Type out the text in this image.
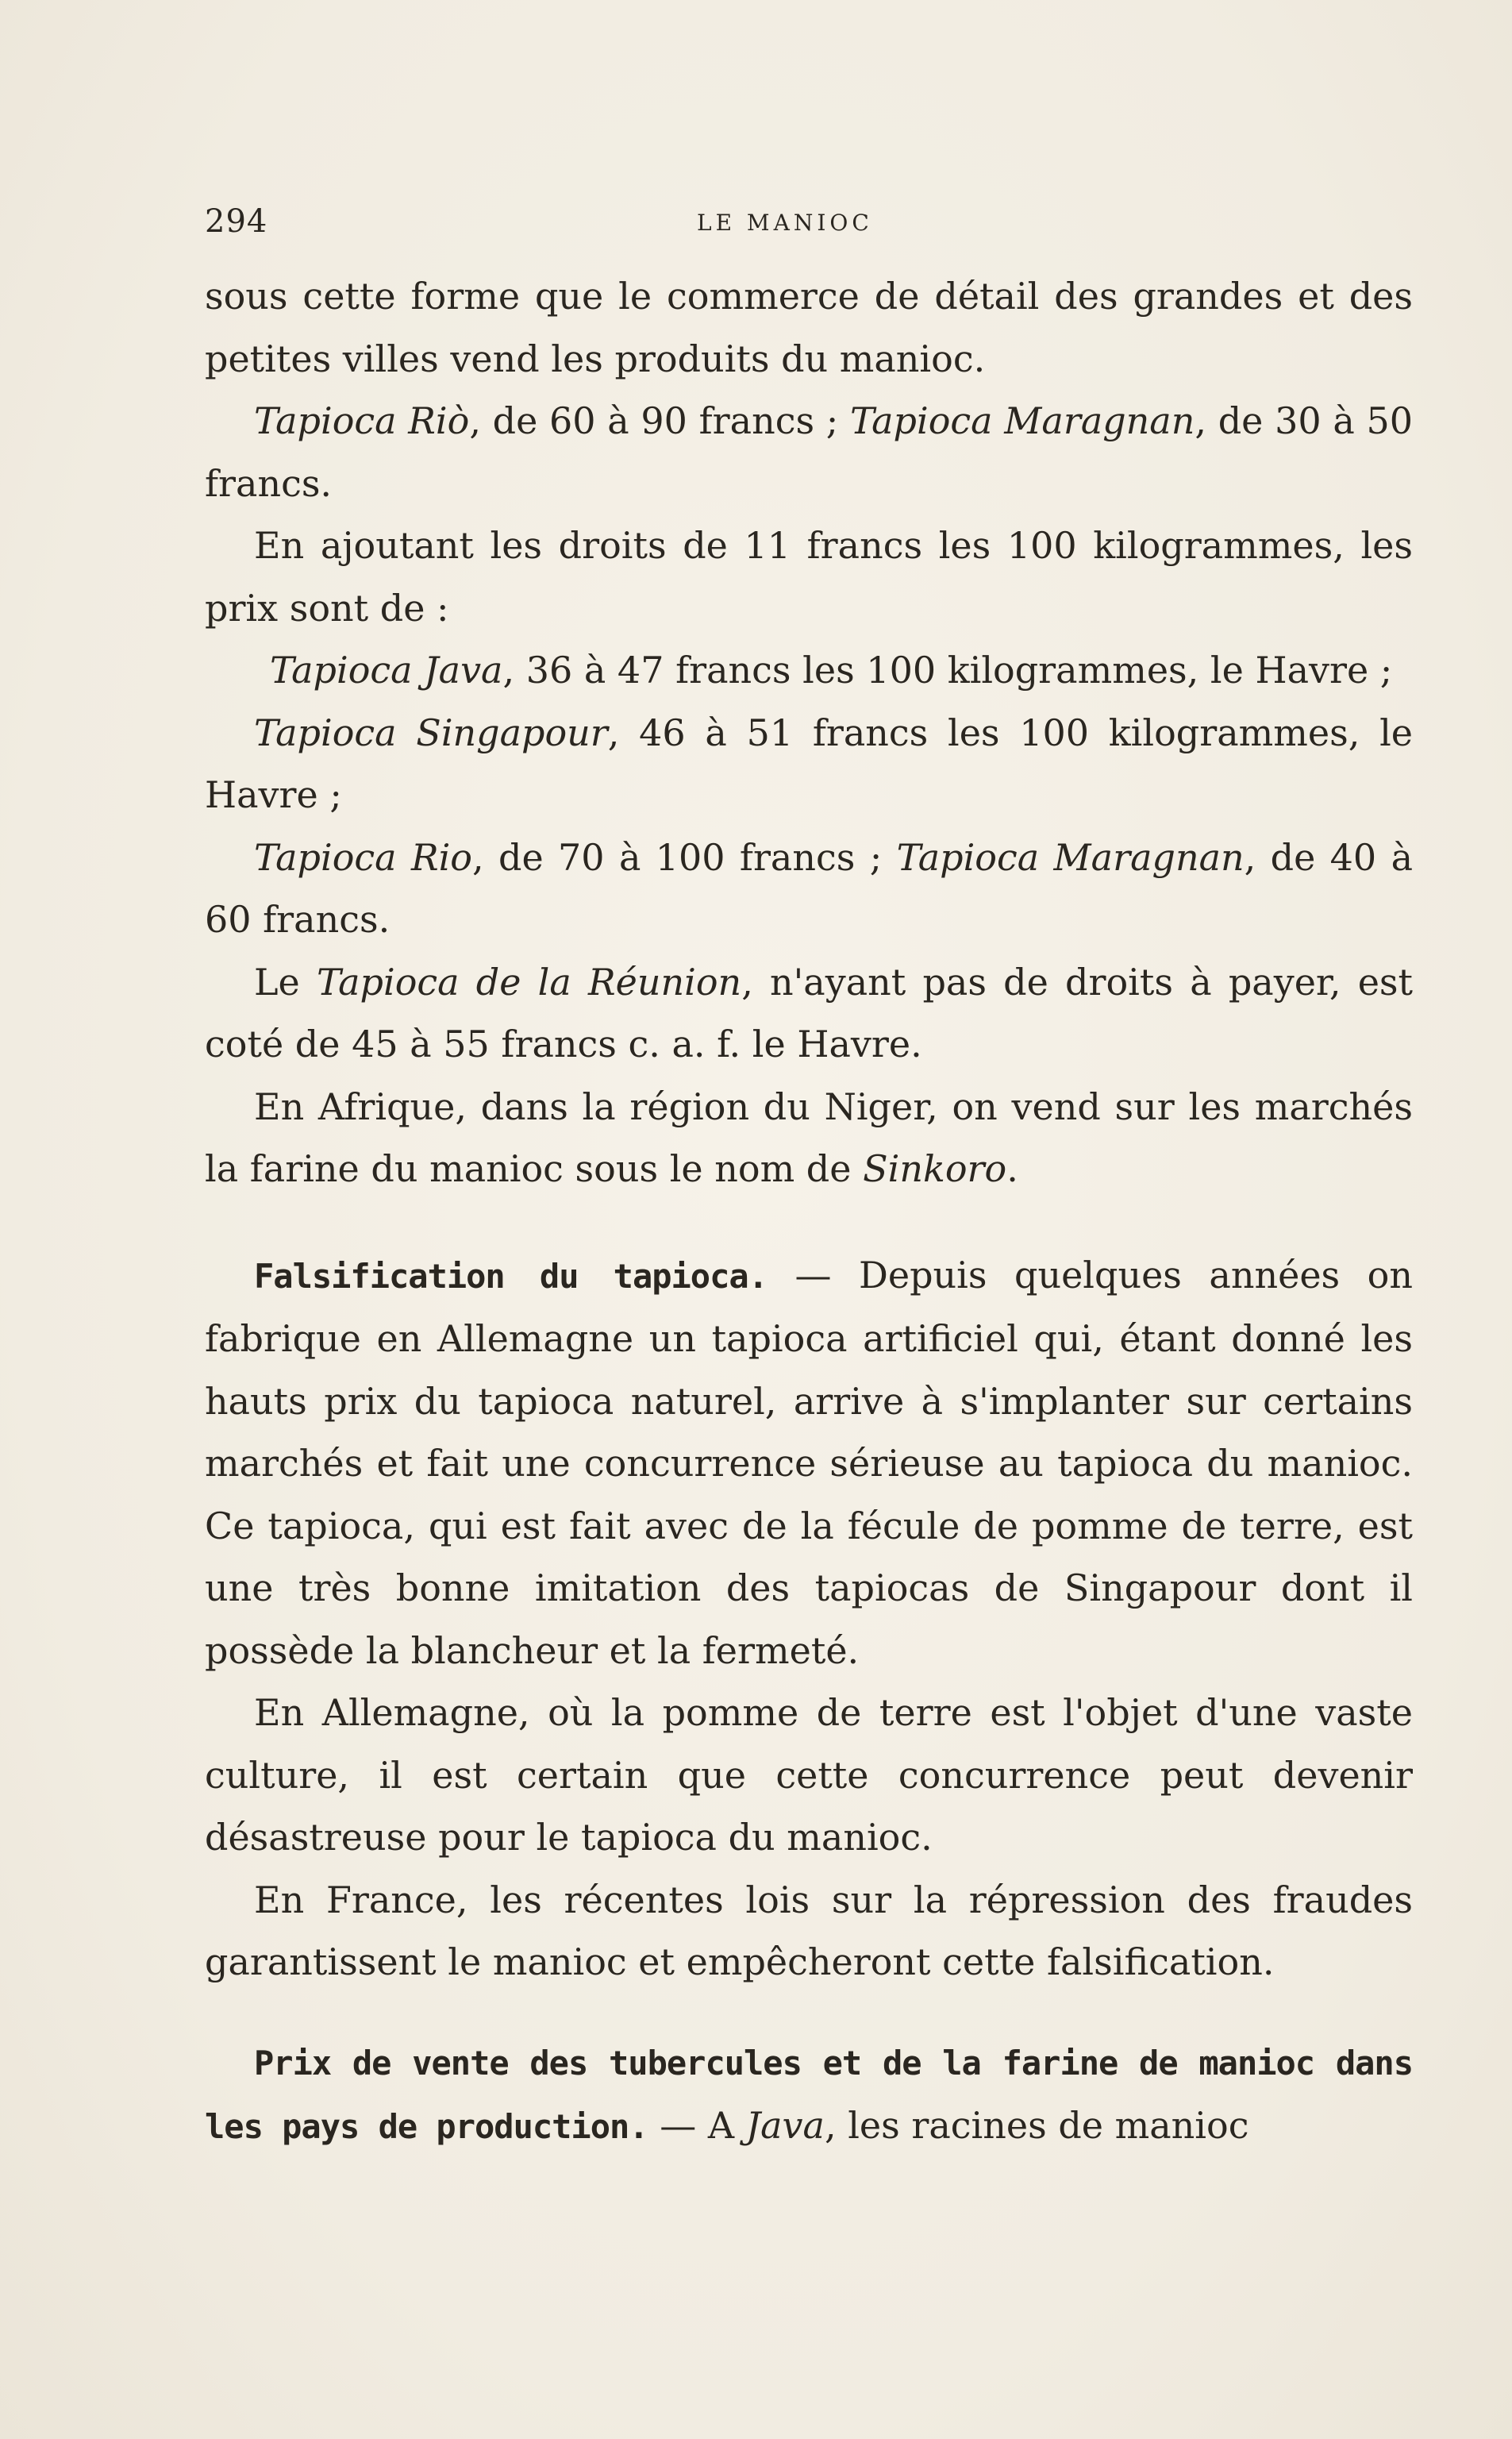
294	LE MANIOC

sous cette forme que le commerce de détail des grandes et des petites villes vend les produits du manioc.

Tapioca Riò, de 60 à 90 francs ; Tapioca Maragnan, de 30 à 50 francs.

En ajoutant les droits de 11 francs les 100 kilogrammes, les prix sont de :

Tapioca Java, 36 à 47 francs les 100 kilogrammes, le Havre ;

Tapioca Singapour, 46 à 51 francs les 100 kilogrammes, le Havre ;

Tapioca Rio, de 70 à 100 francs ; Tapioca Maragnan, de 40 à 60 francs.

Le Tapioca de la Réunion, n'ayant pas de droits à payer, est coté de 45 à 55 francs c. a. f. le Havre.

En Afrique, dans la région du Niger, on vend sur les marchés la farine du manioc sous le nom de Sinkoro.

Falsification du tapioca. — Depuis quelques années on fabrique en Allemagne un tapioca artificiel qui, étant donné les hauts prix du tapioca naturel, arrive à s'implanter sur certains marchés et fait une concurrence sérieuse au tapioca du manioc. Ce tapioca, qui est fait avec de la fécule de pomme de terre, est une très bonne imitation des tapiocas de Singapour dont il possède la blancheur et la fermeté.

En Allemagne, où la pomme de terre est l'objet d'une vaste culture, il est certain que cette concurrence peut devenir désastreuse pour le tapioca du manioc.

En France, les récentes lois sur la répression des fraudes garantissent le manioc et empêcheront cette falsification.

Prix de vente des tubercules et de la farine de manioc dans les pays de production. — A Java, les racines de manioc
